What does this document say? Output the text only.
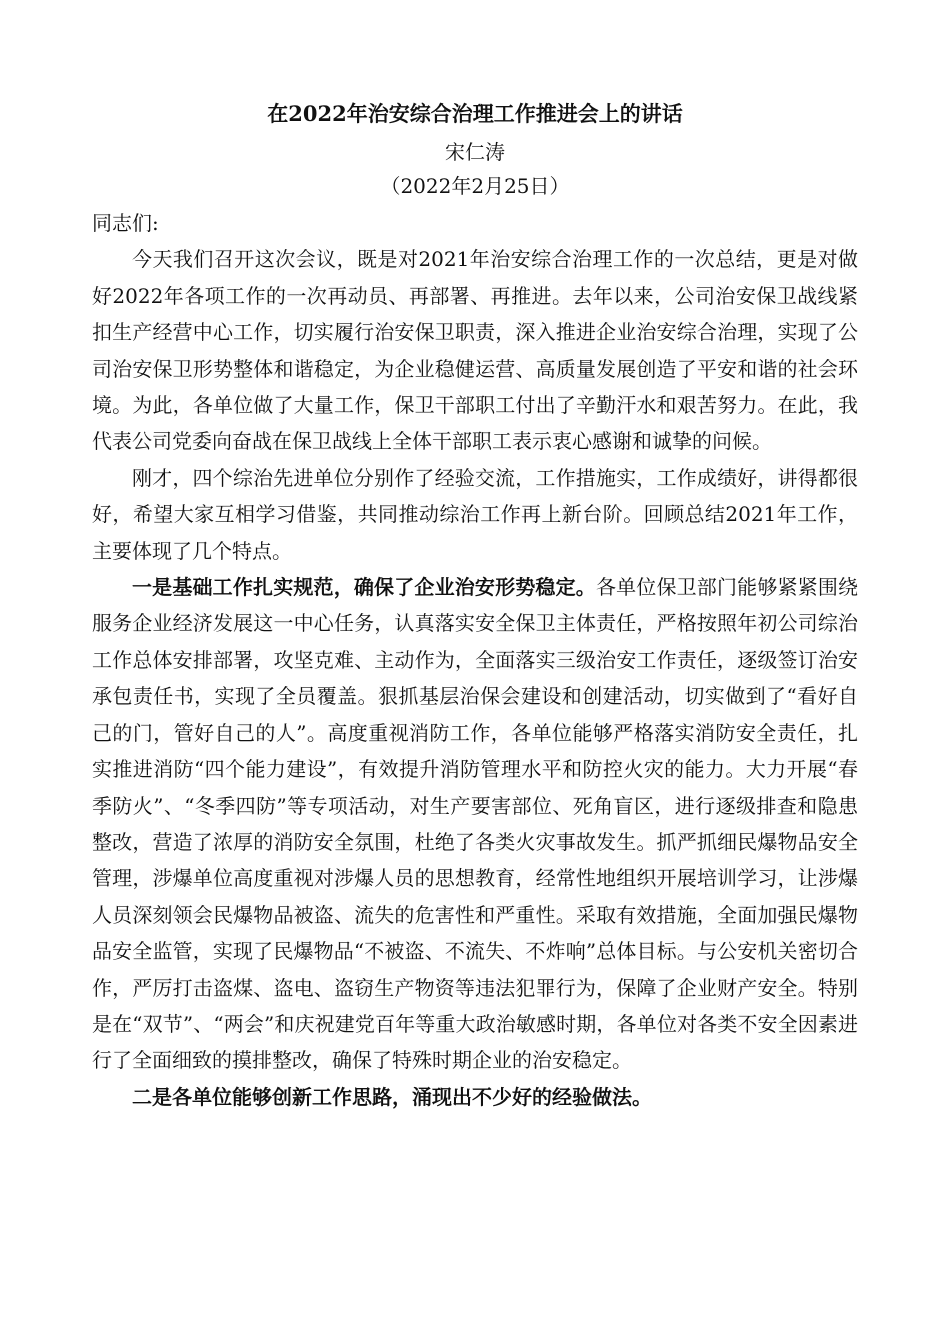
在2022年治安综合治理工作推进会上的讲话

宋仁涛

（2022年2月25日）

同志们:

今天我们召开这次会议，既是对2021年治安综合治理工作的一次总结，更是对做好2022年各项工作的一次再动员、再部署、再推进。去年以来，公司治安保卫战线紧扣生产经营中心工作，切实履行治安保卫职责，深入推进企业治安综合治理，实现了公司治安保卫形势整体和谐稳定，为企业稳健运营、高质量发展创造了平安和谐的社会环境。为此，各单位做了大量工作，保卫干部职工付出了辛勤汗水和艰苦努力。在此，我代表公司党委向奋战在保卫战线上全体干部职工表示衷心感谢和诚挚的问候。

刚才，四个综治先进单位分别作了经验交流，工作措施实，工作成绩好，讲得都很好，希望大家互相学习借鉴，共同推动综治工作再上新台阶。回顾总结2021年工作，主要体现了几个特点。

一是基础工作扎实规范，确保了企业治安形势稳定。各单位保卫部门能够紧紧围绕服务企业经济发展这一中心任务，认真落实安全保卫主体责任，严格按照年初公司综治工作总体安排部署，攻坚克难、主动作为，全面落实三级治安工作责任，逐级签订治安承包责任书，实现了全员覆盖。狠抓基层治保会建设和创建活动，切实做到了“看好自己的门，管好自己的人”。高度重视消防工作，各单位能够严格落实消防安全责任，扎实推进消防“四个能力建设”，有效提升消防管理水平和防控火灾的能力。大力开展“春季防火”、“冬季四防”等专项活动，对生产要害部位、死角盲区，进行逐级排查和隐患整改，营造了浓厚的消防安全氛围，杜绝了各类火灾事故发生。抓严抓细民爆物品安全管理，涉爆单位高度重视对涉爆人员的思想教育，经常性地组织开展培训学习，让涉爆人员深刻领会民爆物品被盗、流失的危害性和严重性。采取有效措施，全面加强民爆物品安全监管，实现了民爆物品“不被盗、不流失、不炸响”总体目标。与公安机关密切合作，严厉打击盗煤、盗电、盗窃生产物资等违法犯罪行为，保障了企业财产安全。特别是在“双节”、“两会”和庆祝建党百年等重大政治敏感时期，各单位对各类不安全因素进行了全面细致的摸排整改，确保了特殊时期企业的治安稳定。

二是各单位能够创新工作思路，涌现出不少好的经验做法。
